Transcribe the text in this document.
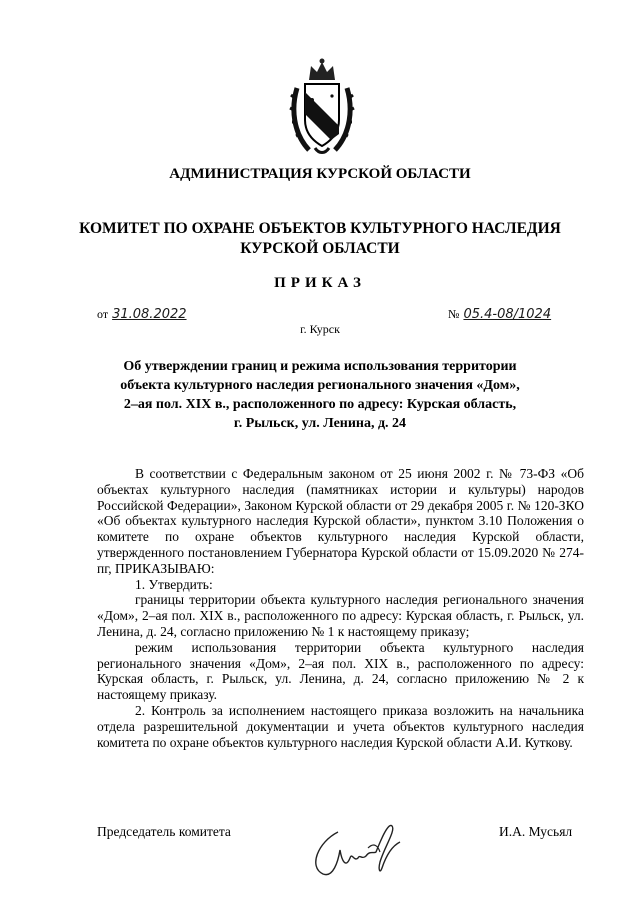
АДМИНИСТРАЦИЯ КУРСКОЙ ОБЛАСТИ
КОМИТЕТ ПО ОХРАНЕ ОБЪЕКТОВ КУЛЬТУРНОГО НАСЛЕДИЯ
КУРСКОЙ ОБЛАСТИ
ПРИКАЗ
от 31.08.2022	№ 05.4-08/1024
г. Курск
Об утверждении границ и режима использования территории
объекта культурного наследия регионального значения «Дом»,
2–ая пол. XIX в., расположенного по адресу: Курская область,
г. Рыльск, ул. Ленина, д. 24

В соответствии с Федеральным законом от 25 июня 2002 г. № 73-ФЗ «Об объектах культурного наследия (памятниках истории и культуры) народов Российской Федерации», Законом Курской области от 29 декабря 2005 г. № 120-ЗКО «Об объектах культурного наследия Курской области», пунктом 3.10 Положения о комитете по охране объектов культурного наследия Курской области, утвержденного постановлением Губернатора Курской области от 15.09.2020 № 274-пг, ПРИКАЗЫВАЮ:

1. Утвердить:

границы территории объекта культурного наследия регионального значения «Дом», 2–ая пол. XIX в., расположенного по адресу: Курская область, г. Рыльск, ул. Ленина, д. 24, согласно приложению № 1 к настоящему приказу;

режим использования территории объекта культурного наследия регионального значения «Дом», 2–ая пол. XIX в., расположенного по адресу: Курская область, г. Рыльск, ул. Ленина, д. 24, согласно приложению № 2 к настоящему приказу.

2. Контроль за исполнением настоящего приказа возложить на начальника отдела разрешительной документации и учета объектов культурного наследия комитета по охране объектов культурного наследия Курской области А.И. Куткову.

Председатель комитета	И.А. Мусьял
